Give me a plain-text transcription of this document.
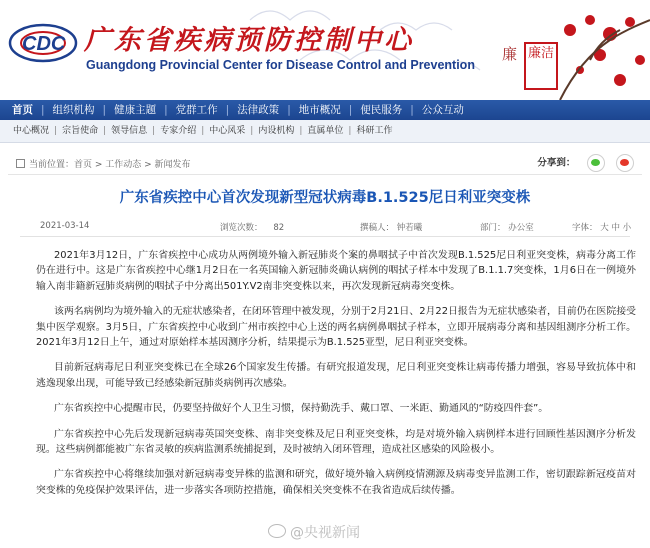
CDC 广东省疾病预防控制中心
Guangdong Provincial Center for Disease Control and Prevention
廉 廉洁
首页 | 组织机构 | 健康主题 | 党群工作 | 法律政策 | 地市概况 | 便民服务 | 公众互动
中心概况 | 宗旨使命 | 领导信息 | 专家介绍 | 中心风采 | 内设机构 | 直属单位 | 科研工作
当前位置：首页 > 工作动态 > 新闻发布	分享到：
广东省疾控中心首次发现新型冠状病毒B.1.525尼日利亚突变株
2021-03-14	浏览次数： 82	撰稿人： 钟若曦	部门： 办公室	字体： 大 中 小

2021年3月12日，广东省疾控中心成功从两例境外输入新冠肺炎个案的鼻咽拭子中首次发现B.1.525尼日利亚突变株，病毒分离工作仍在进行中。这是广东省疾控中心继1月2日在一名英国输入新冠肺炎确认病例的咽拭子样本中发现了B.1.1.7突变株，1月6日在一例境外输入南非籍新冠肺炎病例的咽拭子中分离出501Y.V2南非突变株以来，再次发现新冠病毒突变株。

该两名病例均为境外输入的无症状感染者，在闭环管理中被发现，分别于2月21日、2月22日报告为无症状感染者，目前仍在医院接受集中医学观察。3月5日，广东省疾控中心收到广州市疾控中心上送的两名病例鼻咽拭子样本，立即开展病毒分离和基因组测序分析工作。2021年3月12日上午，通过对原始样本基因测序分析，结果提示为B.1.525亚型，尼日利亚突变株。

目前新冠病毒尼日利亚突变株已在全球26个国家发生传播。有研究报道发现，尼日利亚突变株让病毒传播力增强，容易导致抗体中和逃逸现象出现，可能导致已经感染新冠肺炎病例再次感染。

广东省疾控中心提醒市民，仍要坚持做好个人卫生习惯，保持勤洗手、戴口罩、一米距、勤通风的“防疫四件套”。

广东省疾控中心先后发现新冠病毒英国突变株、南非突变株及尼日利亚突变株，均是对境外输入病例样本进行回顾性基因测序分析发现。这些病例都能被广东省灵敏的疾病监测系统捕捉到，及时被纳入闭环管理，造成社区感染的风险极小。

广东省疾控中心将继续加强对新冠病毒变异株的监测和研究，做好境外输入病例疫情溯源及病毒变异监测工作，密切跟踪新冠疫苗对突变株的免疫保护效果评估，进一步落实各项防控措施，确保相关突变株不在我省造成后续传播。

@央视新闻
